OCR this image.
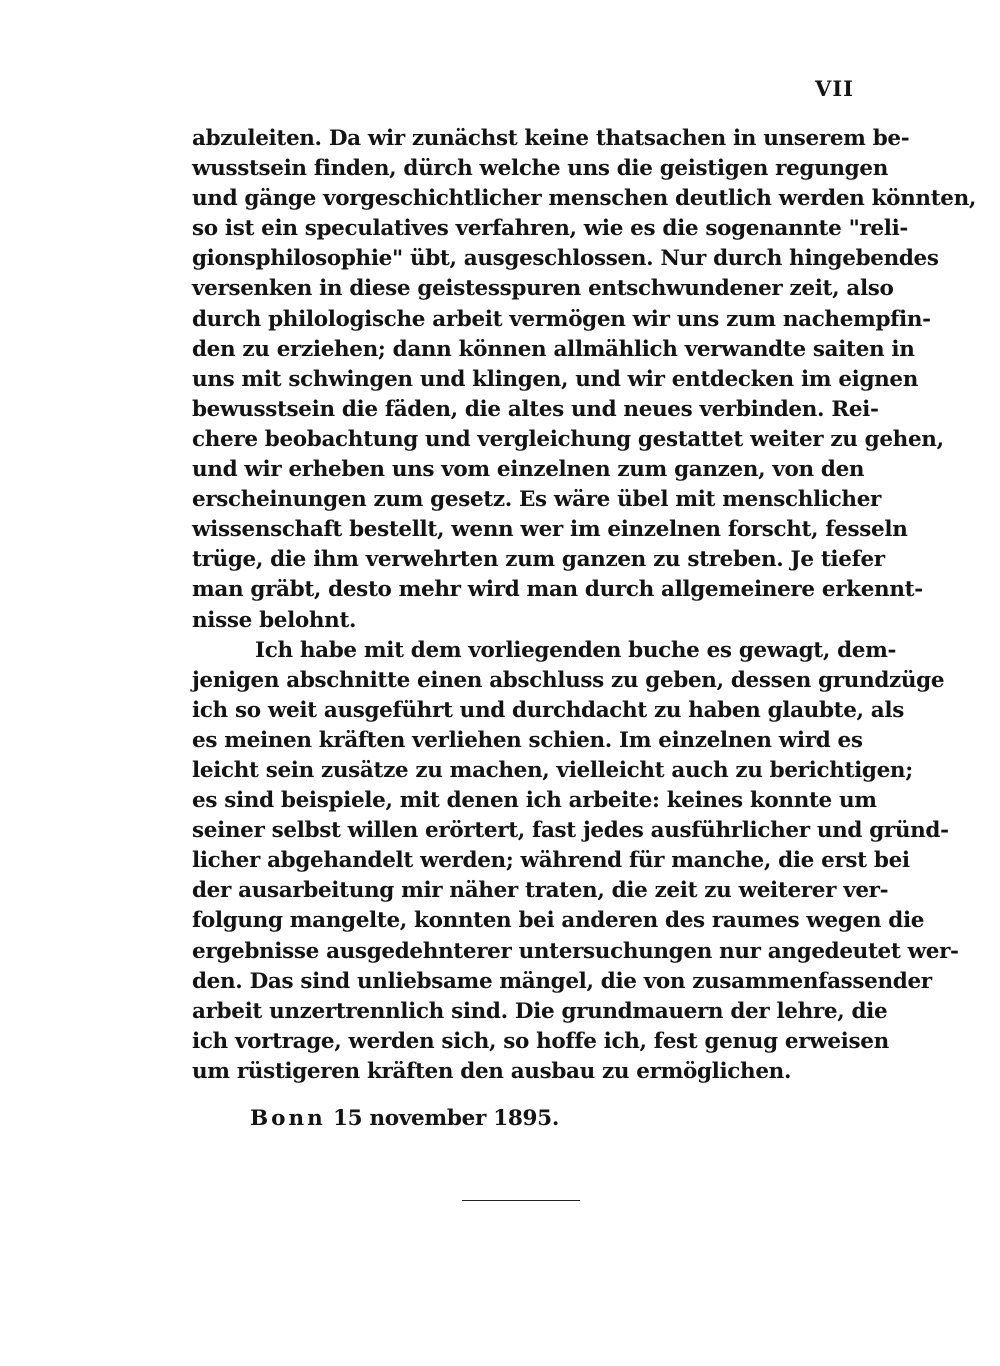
VII
abzuleiten. Da wir zunächst keine thatsachen in unserem be-
wusstsein finden, dürch welche uns die geistigen regungen
und gänge vorgeschichtlicher menschen deutlich werden könnten,
so ist ein speculatives verfahren, wie es die sogenannte "reli-
gionsphilosophie" übt, ausgeschlossen. Nur durch hingebendes
versenken in diese geistesspuren entschwundener zeit, also
durch philologische arbeit vermögen wir uns zum nachempfin-
den zu erziehen; dann können allmählich verwandte saiten in
uns mit schwingen und klingen, und wir entdecken im eignen
bewusstsein die fäden, die altes und neues verbinden. Rei-
chere beobachtung und vergleichung gestattet weiter zu gehen,
und wir erheben uns vom einzelnen zum ganzen, von den
erscheinungen zum gesetz. Es wäre übel mit menschlicher
wissenschaft bestellt, wenn wer im einzelnen forscht, fesseln
trüge, die ihm verwehrten zum ganzen zu streben. Je tiefer
man gräbt, desto mehr wird man durch allgemeinere erkennt-
nisse belohnt.
Ich habe mit dem vorliegenden buche es gewagt, dem-
jenigen abschnitte einen abschluss zu geben, dessen grundzüge
ich so weit ausgeführt und durchdacht zu haben glaubte, als
es meinen kräften verliehen schien. Im einzelnen wird es
leicht sein zusätze zu machen, vielleicht auch zu berichtigen;
es sind beispiele, mit denen ich arbeite: keines konnte um
seiner selbst willen erörtert, fast jedes ausführlicher und gründ-
licher abgehandelt werden; während für manche, die erst bei
der ausarbeitung mir näher traten, die zeit zu weiterer ver-
folgung mangelte, konnten bei anderen des raumes wegen die
ergebnisse ausgedehnterer untersuchungen nur angedeutet wer-
den. Das sind unliebsame mängel, die von zusammenfassender
arbeit unzertrennlich sind. Die grundmauern der lehre, die
ich vortrage, werden sich, so hoffe ich, fest genug erweisen
um rüstigeren kräften den ausbau zu ermöglichen.
Bonn 15 november 1895.
